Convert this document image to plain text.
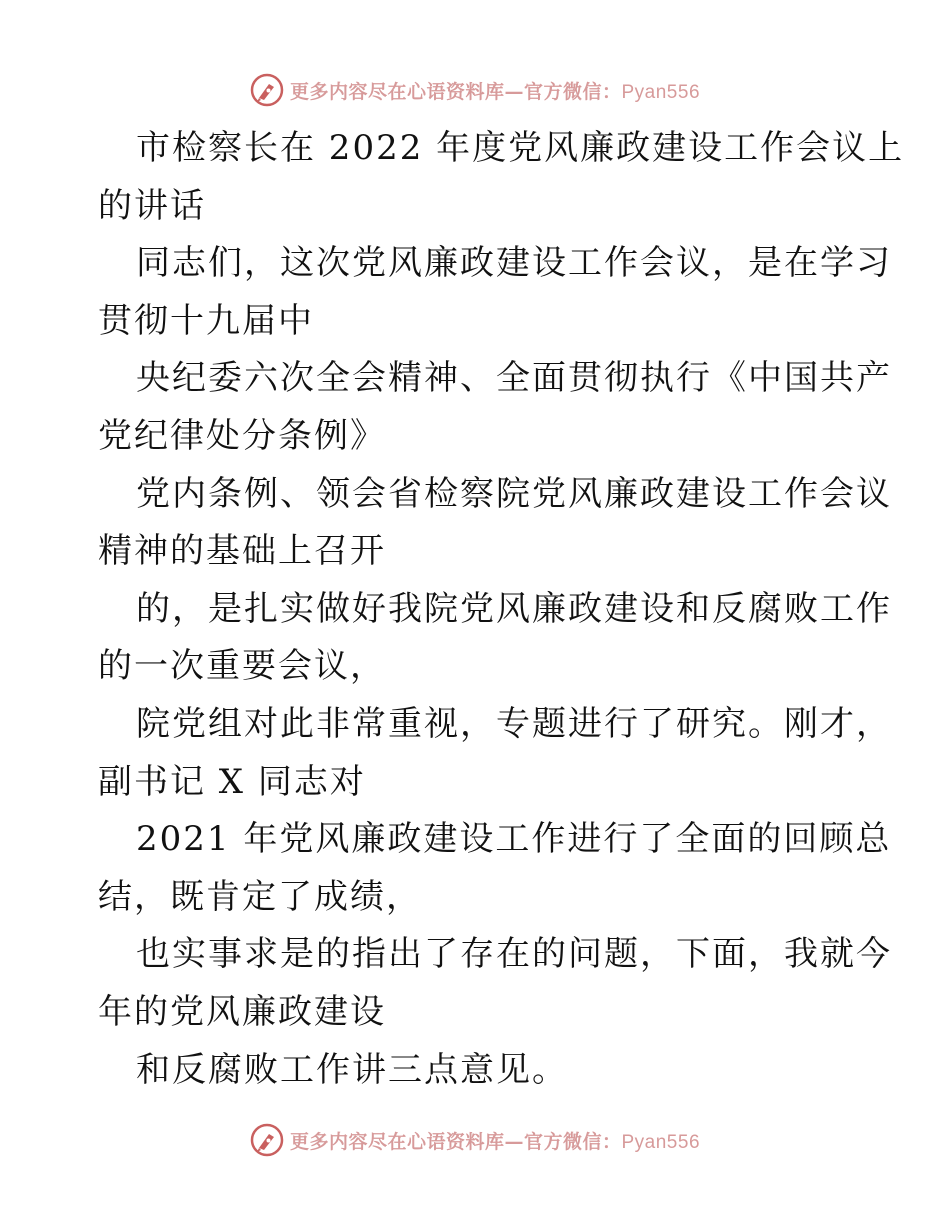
更多内容尽在心语资料库—官方微信：Pyan556
市检察长在 2022 年度党风廉政建设工作会议上
的讲话
同志们，这次党风廉政建设工作会议，是在学习
贯彻十九届中
央纪委六次全会精神、全面贯彻执行《中国共产
党纪律处分条例》
党内条例、领会省检察院党风廉政建设工作会议
精神的基础上召开
的，是扎实做好我院党风廉政建设和反腐败工作
的一次重要会议，
院党组对此非常重视，专题进行了研究。刚才，
副书记 X 同志对
2021 年党风廉政建设工作进行了全面的回顾总
结，既肯定了成绩，
也实事求是的指出了存在的问题，下面，我就今
年的党风廉政建设
和反腐败工作讲三点意见。
更多内容尽在心语资料库—官方微信：Pyan556
